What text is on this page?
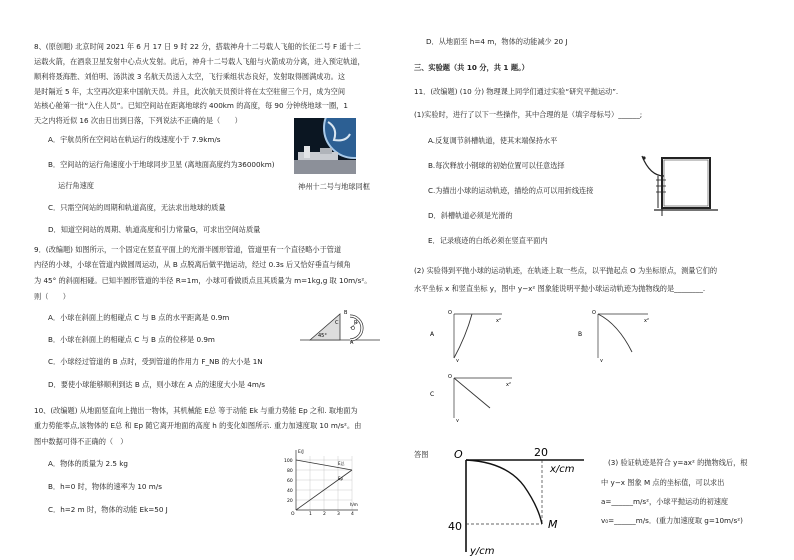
8、(原创题) 北京时间 2021 年 6 月 17 日 9 时 22 分，搭载神舟十二号载人飞船的长征二号 F 遥十二
运载火箭，在酒泉卫星发射中心点火发射。此后，神舟十二号载人飞船与火箭成功分离，进入预定轨道，
顺利将聂海胜、刘伯明、汤洪波 3 名航天员送入太空，飞行乘组状态良好，发射取得圆满成功。这
是时隔近 5 年，太空再次迎来中国航天员。并且，此次航天员预计将在太空驻留三个月，成为空间
站核心舱第一批“入住人员”。已知空间站在距离地球约 400km 的高度，每 90 分钟绕地球一圈，1
天之内将近似 16 次由日出到日落，下列说法不正确的是（　　）
A．宇航员所在空间站在轨运行的线速度小于 7.9km/s
B．空间站的运行角速度小于地球同步卫星 (离地面高度约为36000km)
运行角速度
C．只需空间站的周期和轨道高度，无法求出地球的质量
D．知道空间站的周期、轨道高度和引力常量G，可求出空间站质量
神州十二号与地球同框
9．(改编题) 如图所示，一个固定在竖直平面上的光滑半圆形管道，管道里有一个直径略小于管道
内径的小球，小球在管道内做圆周运动，从 B 点脱离后做平抛运动，经过 0.3s 后又恰好垂直与倾角
为 45° 的斜面相碰。已知半圆形管道的半径 R=1m，小球可看做质点且其质量为 m=1kg,g 取 10m/s²。
则（　　）
A．小球在斜面上的相碰点 C 与 B 点的水平距离是 0.9m
B．小球在斜面上的相碰点 C 与 B 点的位移是 0.9m
C．小球经过管道的 B 点时，受到管道的作用力 F_NB 的大小是 1N
D．要使小球能够顺利到达 B 点，则小球在 A 点的速度大小是 4m/s
R
45°
A
B
C
O
10、(改编题) 从地面竖直向上抛出一物体，其机械能 E总 等于动能 Ek 与重力势能 Ep 之和. 取地面为
重力势能零点,该物体的 E总 和 Ep 随它离开地面的高度 h 的变化如图所示. 重力加速度取 10 m/s²。由
图中数据可得不正确的（　）
A．物体的质量为 2.5 kg
B．h=0 时，物体的速率为 10 m/s
C．h=2 m 时，物体的动能 Ek=50 J
E/J
100
80
60
40
20
O	1 2 3 4
h/m
E总
Ep
D．从地面至 h=4 m，物体的动能减少 20 J
三、实验题（共 10 分，共 1 题。）
11．(改编题) (10 分) 物理课上同学们通过实验“研究平抛运动”.
(1)实验时，进行了以下一些操作，其中合理的是（填字母标号）______;
A.反复调节斜槽轨道，使其末端保持水平
B.每次释放小钢球的初始位置可以任意选择
C.为描出小球的运动轨迹，描绘的点可以用折线连接
D．斜槽轨道必须是光滑的
E．记录痕迹的白纸必须在竖直平面内
(2) 实验得到平抛小球的运动轨迹，在轨迹上取一些点，以平抛起点 O 为坐标原点，测量它们的
水平坐标 x 和竖直坐标 y，图中 y−x² 图象能说明平抛小球运动轨迹为抛物线的是________.
A
O
x²
y
B
O
x²
y
C
O
x²
y
答图 O	20
x/cm
40
y/cm
M
(3) 验证轨迹是符合 y=ax² 的抛物线后，根
中 y−x 图象 M 点的坐标值，可以求出
a=______m/s²，小球平抛运动的初速度
v₀=______m/s．(重力加速度取 g=10m/s²)
